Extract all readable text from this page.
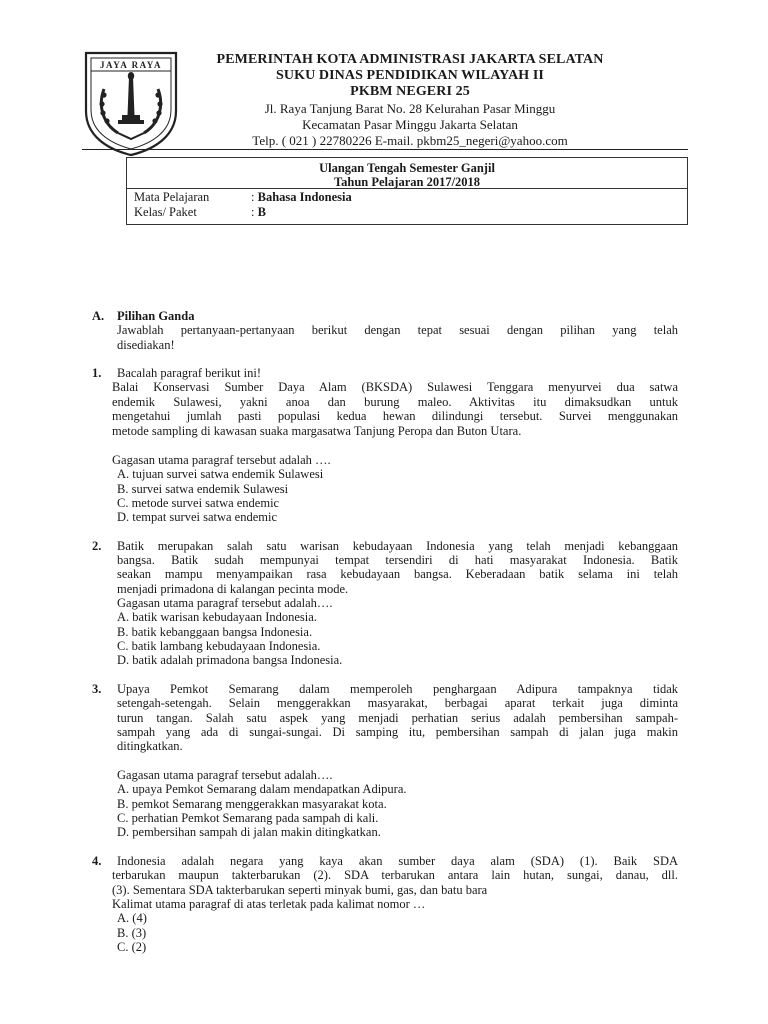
JAYA RAYA	PEMERINTAH KOTA ADMINISTRASI JAKARTA SELATAN
SUKU DINAS PENDIDIKAN WILAYAH II
PKBM NEGERI 25
Jl. Raya Tanjung Barat No. 28 Kelurahan Pasar Minggu
Kecamatan Pasar Minggu Jakarta Selatan
Telp. ( 021 ) 22780226 E-mail. pkbm25_negeri@yahoo.com
Ulangan Tengah Semester Ganjil
Tahun Pelajaran 2017/2018
Mata Pelajaran	: Bahasa Indonesia
Kelas/ Paket	: B
A. Pilihan Ganda
Jawablah pertanyaan-pertanyaan berikut dengan tepat sesuai dengan pilihan yang telah
disediakan!
1. Bacalah paragraf berikut ini!
Balai Konservasi Sumber Daya Alam (BKSDA) Sulawesi Tenggara menyurvei dua satwa
endemik Sulawesi, yakni anoa dan burung maleo. Aktivitas itu dimaksudkan untuk
mengetahui jumlah pasti populasi kedua hewan dilindungi tersebut. Survei menggunakan
metode sampling di kawasan suaka margasatwa Tanjung Peropa dan Buton Utara.
Gagasan utama paragraf tersebut adalah ….
A. tujuan survei satwa endemik Sulawesi
B. survei satwa endemik Sulawesi
C. metode survei satwa endemic
D. tempat survei satwa endemic
2. Batik merupakan salah satu warisan kebudayaan Indonesia yang telah menjadi kebanggaan
bangsa. Batik sudah mempunyai tempat tersendiri di hati masyarakat Indonesia. Batik
seakan mampu menyampaikan rasa kebudayaan bangsa. Keberadaan batik selama ini telah
menjadi primadona di kalangan pecinta mode.
Gagasan utama paragraf tersebut adalah….
A. batik warisan kebudayaan Indonesia.
B. batik kebanggaan bangsa Indonesia.
C. batik lambang kebudayaan Indonesia.
D. batik adalah primadona bangsa Indonesia.
3. Upaya Pemkot Semarang dalam memperoleh penghargaan Adipura tampaknya tidak
setengah-setengah. Selain menggerakkan masyarakat, berbagai aparat terkait juga diminta
turun tangan. Salah satu aspek yang menjadi perhatian serius adalah pembersihan sampah-
sampah yang ada di sungai-sungai. Di samping itu, pembersihan sampah di jalan juga makin
ditingkatkan.
Gagasan utama paragraf tersebut adalah….
A. upaya Pemkot Semarang dalam mendapatkan Adipura.
B. pemkot Semarang menggerakkan masyarakat kota.
C. perhatian Pemkot Semarang pada sampah di kali.
D. pembersihan sampah di jalan makin ditingkatkan.
4. Indonesia adalah negara yang kaya akan sumber daya alam (SDA) (1). Baik SDA
terbarukan maupun takterbarukan (2). SDA terbarukan antara lain hutan, sungai, danau, dll.
(3). Sementara SDA takterbarukan seperti minyak bumi, gas, dan batu bara
Kalimat utama paragraf di atas terletak pada kalimat nomor …
A. (4)
B. (3)
C. (2)
